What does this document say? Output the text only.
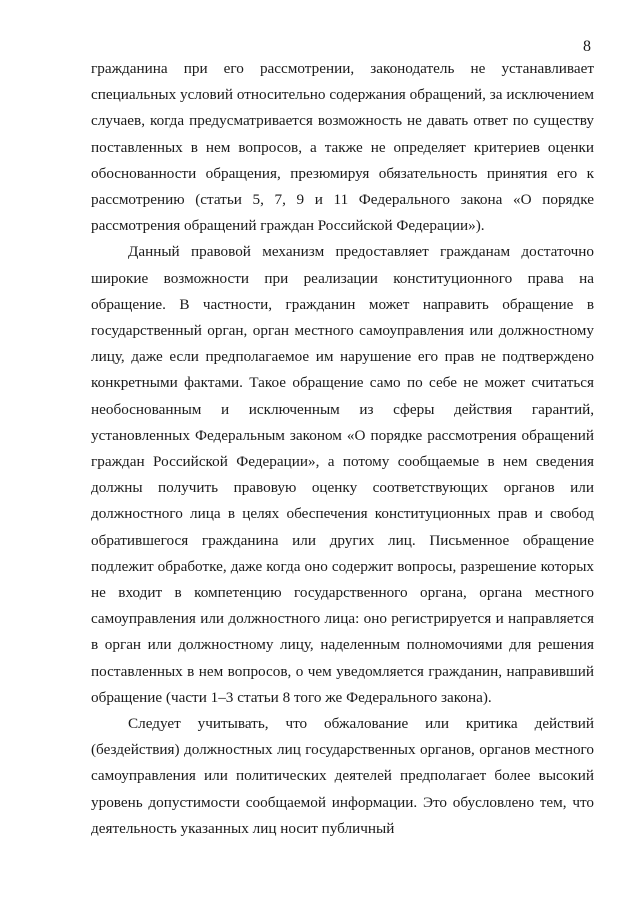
8

гражданина при его рассмотрении, законодатель не устанавливает специальных условий относительно содержания обращений, за исключением случаев, когда предусматривается возможность не давать ответ по существу поставленных в нем вопросов, а также не определяет критериев оценки обоснованности обращения, презюмируя обязательность принятия его к рассмотрению (статьи 5, 7, 9 и 11 Федерального закона «О порядке рассмотрения обращений граждан Российской Федерации»).

Данный правовой механизм предоставляет гражданам достаточно широкие возможности при реализации конституционного права на обращение. В частности, гражданин может направить обращение в государственный орган, орган местного самоуправления или должностному лицу, даже если предполагаемое им нарушение его прав не подтверждено конкретными фактами. Такое обращение само по себе не может считаться необоснованным и исключенным из сферы действия гарантий, установленных Федеральным законом «О порядке рассмотрения обращений граждан Российской Федерации», а потому сообщаемые в нем сведения должны получить правовую оценку соответствующих органов или должностного лица в целях обеспечения конституционных прав и свобод обратившегося гражданина или других лиц. Письменное обращение подлежит обработке, даже когда оно содержит вопросы, разрешение которых не входит в компетенцию государственного органа, органа местного самоуправления или должностного лица: оно регистрируется и направляется в орган или должностному лицу, наделенным полномочиями для решения поставленных в нем вопросов, о чем уведомляется гражданин, направивший обращение (части 1–3 статьи 8 того же Федерального закона).

Следует учитывать, что обжалование или критика действий (бездействия) должностных лиц государственных органов, органов местного самоуправления или политических деятелей предполагает более высокий уровень допустимости сообщаемой информации. Это обусловлено тем, что деятельность указанных лиц носит публичный
